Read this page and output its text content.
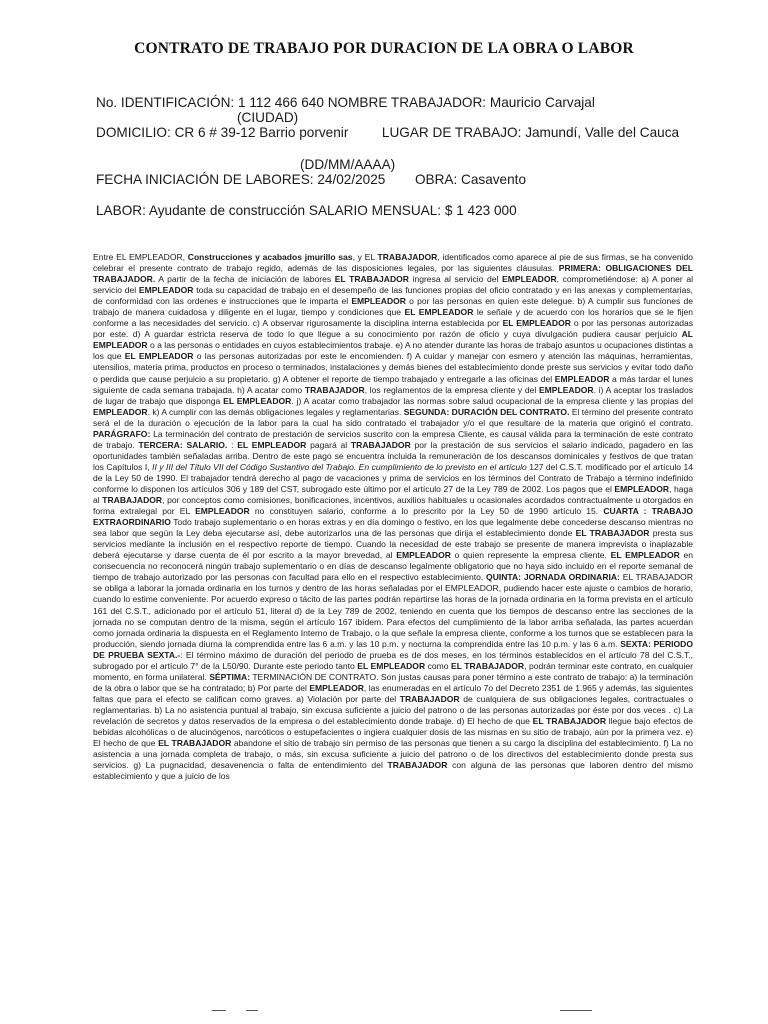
CONTRATO DE TRABAJO POR DURACION DE LA OBRA O LABOR
No. IDENTIFICACIÓN: 1 112 466 640 NOMBRE TRABAJADOR: Mauricio Carvajal
(CIUDAD)
DOMICILIO: CR 6 # 39-12 Barrio porvenir LUGAR DE TRABAJO: Jamundí, Valle del Cauca
(DD/MM/AAAA)
FECHA INICIACIÓN DE LABORES: 24/02/2025 OBRA: Casavento
LABOR: Ayudante de construcción SALARIO MENSUAL: $ 1 423 000
Entre EL EMPLEADOR, Construcciones y acabados jmurillo sas, y EL TRABAJADOR, identificados como aparece al pie de sus firmas, se ha convenido celebrar el presente contrato de trabajo regido, además de las disposiciones legales, por las siguientes cláusulas. PRIMERA: OBLIGACIONES DEL TRABAJADOR. A partir de la fecha de iniciación de labores EL TRABAJADOR ingresa al servicio del EMPLEADOR, comprometiéndose: a) A poner al servicio del EMPLEADOR toda su capacidad de trabajo en el desempeño de las funciones propias del oficio contratado y en las anexas y complementarias, de conformidad con las ordenes e instrucciones que le imparta el EMPLEADOR o por las personas en quien este delegue. b) A cumplir sus funciones de trabajo de manera cuidadosa y diligente en el lugar, tiempo y condiciones que EL EMPLEADOR le señale y de acuerdo con los horarios que se le fijen conforme a las necesidades del servicio. c) A observar rigurosamente la disciplina interna establecida por EL EMPLEADOR o por las personas autorizadas por este. d) A guardar estricta reserva de todo lo que llegue a su conocimiento por razón de oficio y cuya divulgación pudiera causar perjuicio AL EMPLEADOR o a las personas o entidades en cuyos establecimientos trabaje. e) A no atender durante las horas de trabajo asuntos u ocupaciones distintas a los que EL EMPLEADOR o las personas autorizadas por este le encomienden. f) A cuidar y manejar con esmero y atención las máquinas, herramientas, utensilios, materia prima, productos en proceso o terminados, instalaciones y demás bienes del establecimiento donde preste sus servicios y evitar todo daño o perdida que cause perjuicio a su propietario. g) A obtener el reporte de tiempo trabajado y entregarle a las oficinas del EMPLEADOR a más tardar el lunes siguiente de cada semana trabajada. h) A acatar como TRABAJADOR, los reglamentos de la empresa cliente y del EMPLEADOR. i) A aceptar los traslados de lugar de trabajo que disponga EL EMPLEADOR. j) A acatar como trabajador las normas sobre salud ocupacional de la empresa cliente y las propias del EMPLEADOR. k) A cumplir con las demás obligaciones legales y reglamentarias. SEGUNDA: DURACIÓN DEL CONTRATO. El término del presente contrato será el de la duración o ejecución de la labor para la cual ha sido contratado el trabajador y/o el que resultare de la materia que originó el contrato. PARÁGRAFO: La terminación del contrato de prestación de servicios suscrito con la empresa Cliente, es causal válida para la terminación de este contrato de trabajo. TERCERA: SALARIO. : EL EMPLEADOR pagará al TRABAJADOR por la prestación de sus servicios el salario indicado, pagadero en las oportunidades también señaladas arriba. Dentro de este pago se encuentra incluida la remuneración de los descansos dominicales y festivos de que tratan los Capítulos I, II y III del Título VII del Código Sustantivo del Trabajo. En cumplimiento de lo previsto en el artículo 127 del C.S.T. modificado por el artículo 14 de la Ley 50 de 1990. El trabajador tendrá derecho al pago de vacaciones y prima de servicios en los términos del Contrato de Trabajo a término indefinido conforme lo disponen los artículos 306 y 189 del CST, subrogado este último por el artículo 27 de la Ley 789 de 2002. Los pagos que el EMPLEADOR, haga al TRABAJADOR, por conceptos como comisiones, bonificaciones, incentivos, auxilios habituales u ocasionales acordados contractualmente u otorgados en forma extralegal por EL EMPLEADOR no constituyen salario, conforme a lo prescrito por la Ley 50 de 1990 artículo 15. CUARTA : TRABAJO EXTRAORDINARIO Todo trabajo suplementario o en horas extras y en día domingo o festivo, en los que legalmente debe concederse descanso mientras no sea labor que según la Ley deba ejecutarse así, debe autorizarlos una de las personas que dirija el establecimiento donde EL TRABAJADOR presta sus servicios mediante la inclusión en el respectivo reporte de tiempo. Cuando la necesidad de este trabajo se presente de manera imprevista o inaplazable deberá ejecutarse y darse cuenta de él por escrito a la mayor brevedad, al EMPLEADOR o quien represente la empresa cliente. EL EMPLEADOR en consecuencia no reconocerá ningún trabajo suplementario o en días de descanso legalmente obligatorio que no haya sido incluido en el reporte semanal de tiempo de trabajo autorizado por las personas con facultad para ello en el respectivo establecimiento. QUINTA: JORNADA ORDINARIA: EL TRABAJADOR se obliga a laborar la jornada ordinaria en los turnos y dentro de las horas señaladas por el EMPLEADOR, pudiendo hacer este ajuste o cambios de horario, cuando lo estime conveniente. Por acuerdo expreso o tácito de las partes podrán repartirse las horas de la jornada ordinaria en la forma prevista en el artículo 161 del C.S.T., adicionado por el artículo 51, literal d) de la Ley 789 de 2002, teniendo en cuenta que los tiempos de descanso entre las secciones de la jornada no se computan dentro de la misma, según el artículo 167 ibídem. Para efectos del cumplimiento de la labor arriba señalada, las partes acuerdan como jornada ordinaria la dispuesta en el Reglamento Interno de Trabajo, o la que señale la empresa cliente, conforme a los turnos que se establecen para la producción, siendo jornada diurna la comprendida entre las 6 a.m. y las 10 p.m. y nocturna la comprendida entre las 10 p.m. y las 6 a.m. SEXTA: PERIODO DE PRUEBA SEXTA.-: El término máximo de duración del periodo de prueba es de dos meses, en los términos establecidos en el artículo 78 del C.S.T., subrogado por el artículo 7° de la L50/90. Durante este periodo tanto EL EMPLEADOR como EL TRABAJADOR, podrán terminar este contrato, en cualquier momento, en forma unilateral. SÉPTIMA: TERMINACIÓN DE CONTRATO. Son justas causas para poner término a este contrato de trabajo: a) la terminación de la obra o labor que se ha contratado; b) Por parte del EMPLEADOR, las enumeradas en el artículo 7o del Decreto 2351 de 1.965 y además, las siguientes faltas que para el efecto se califican como graves. a) Violación por parte del TRABAJADOR de cualquiera de sus obligaciones legales, contractuales o reglamentarias. b) La no asistencia puntual al trabajo, sin excusa suficiente a juicio del patrono o de las personas autorizadas por éste por dos veces . c) La revelación de secretos y datos reservados de la empresa o del establecimiento donde trabaje. d) El hecho de que EL TRABAJADOR llegue bajo efectos de bebidas alcohólicas o de alucinógenos, narcóticos o estupefacientes o ingiera cualquier dosis de las mismas en su sitio de trabajo, aún por la primera vez. e) El hecho de que EL TRABAJADOR abandone el sitio de trabajo sin permiso de las personas que tienen a su cargo la disciplina del establecimiento. f) La no asistencia a una jornada completa de trabajo, o más, sin excusa suficiente a juicio del patrono o de los directivos del establecimiento donde presta sus servicios. g) La pugnacidad, desavenencia o falta de entendimiento del TRABAJADOR con alguna de las personas que laboren dentro del mismo establecimiento y que a juicio de los
